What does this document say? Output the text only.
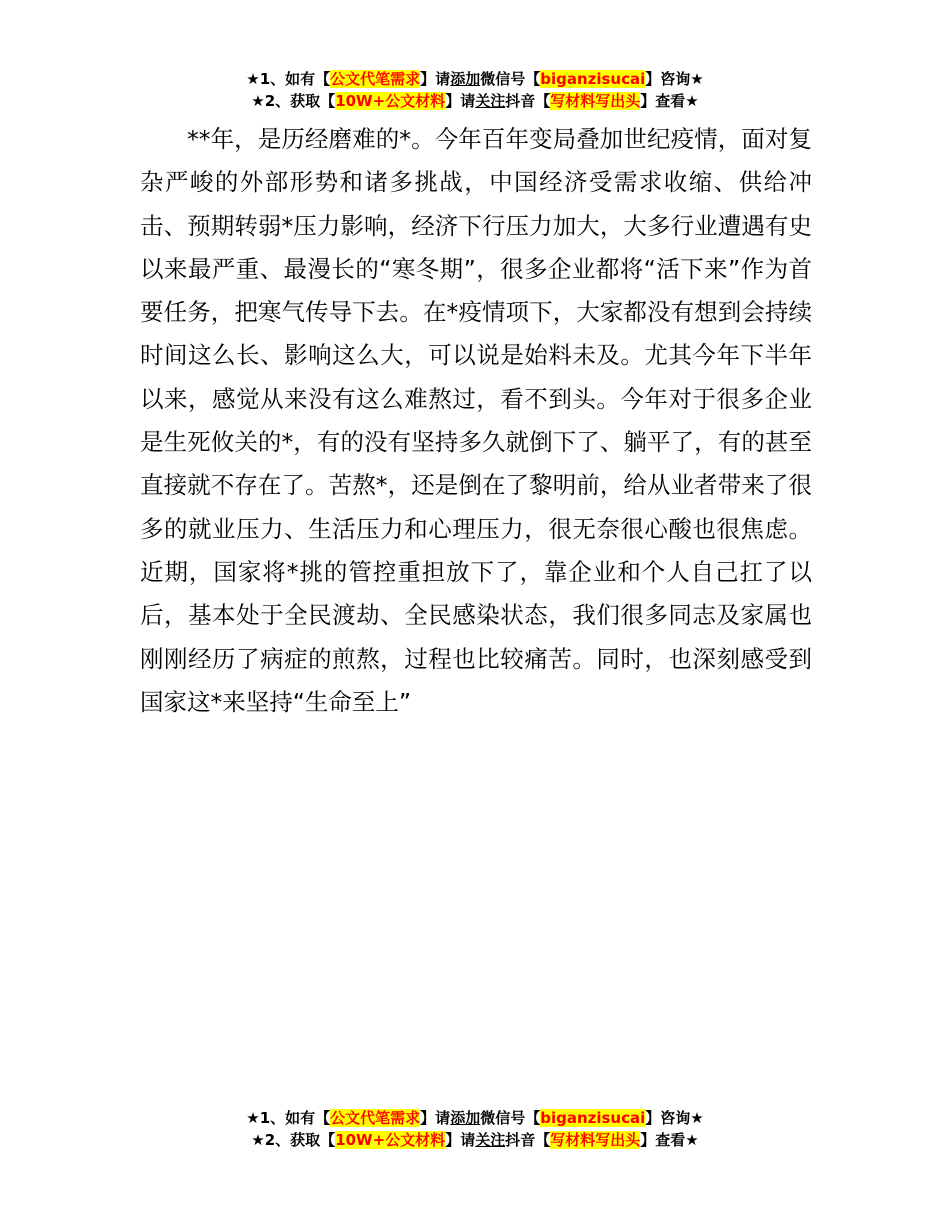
★1、如有【公文代笔需求】请添加微信号【biganzisucai】咨询★
★2、获取【10W+公文材料】请关注抖音【写材料写出头】查看★

**年，是历经磨难的*。今年百年变局叠加世纪疫情，面对复杂严峻的外部形势和诸多挑战，中国经济受需求收缩、供给冲击、预期转弱*压力影响，经济下行压力加大，大多行业遭遇有史以来最严重、最漫长的“寒冬期”，很多企业都将“活下来”作为首要任务，把寒气传导下去。在*疫情项下，大家都没有想到会持续时间这么长、影响这么大，可以说是始料未及。尤其今年下半年以来，感觉从来没有这么难熬过，看不到头。今年对于很多企业是生死攸关的*，有的没有坚持多久就倒下了、躺平了，有的甚至直接就不存在了。苦熬*，还是倒在了黎明前，给从业者带来了很多的就业压力、生活压力和心理压力，很无奈很心酸也很焦虑。近期，国家将*挑的管控重担放下了，靠企业和个人自己扛了以后，基本处于全民渡劫、全民感染状态，我们很多同志及家属也刚刚经历了病症的煎熬，过程也比较痛苦。同时，也深刻感受到国家这*来坚持“生命至上”

★1、如有【公文代笔需求】请添加微信号【biganzisucai】咨询★
★2、获取【10W+公文材料】请关注抖音【写材料写出头】查看★
